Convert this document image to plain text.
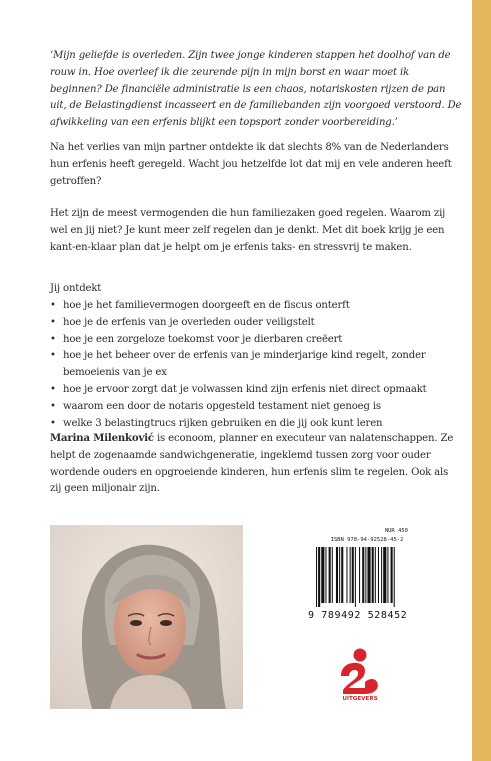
‘Mijn geliefde is overleden. Zijn twee jonge kinderen stappen het doolhof van de rouw in. Hoe overleef ik die zeurende pijn in mijn borst en waar moet ik beginnen? De financiële administratie is een chaos, notariskosten rijzen de pan uit, de Belastingdienst incasseert en de familiebanden zijn voorgoed verstoord. De afwikkeling van een erfenis blijkt een topsport zonder voorbereiding.’
Na het verlies van mijn partner ontdekte ik dat slechts 8% van de Nederlanders hun erfenis heeft geregeld. Wacht jou hetzelfde lot dat mij en vele anderen heeft getroffen?
Het zijn de meest vermogenden die hun familiezaken goed regelen. Waarom zij wel en jij niet? Je kunt meer zelf regelen dan je denkt. Met dit boek krijg je een kant-en-klaar plan dat je helpt om je erfenis taks- en stressvrij te maken.
Jij ontdekt
• hoe je het familievermogen doorgeeft en de fiscus onterft
• hoe je de erfenis van je overleden ouder veiligstelt
• hoe je een zorgeloze toekomst voor je dierbaren creëert
• hoe je het beheer over de erfenis van je minderjarige kind regelt, zonder bemoeienis van je ex
• hoe je ervoor zorgt dat je volwassen kind zijn erfenis niet direct opmaakt
• waarom een door de notaris opgesteld testament niet genoeg is
• welke 3 belastingtrucs rijken gebruiken en die jij ook kunt leren
Marina Milenković is econoom, planner en executeur van nalatenschappen. Ze helpt de zogenaamde sandwichgeneratie, ingeklemd tussen zorg voor ouder wordende ouders en opgroeiende kinderen, hun erfenis slim te regelen. Ook als zij geen miljonair zijn.
NUR 450
ISBN 978-94-92528-45-2
9 789492 528452
UITGEVERS
